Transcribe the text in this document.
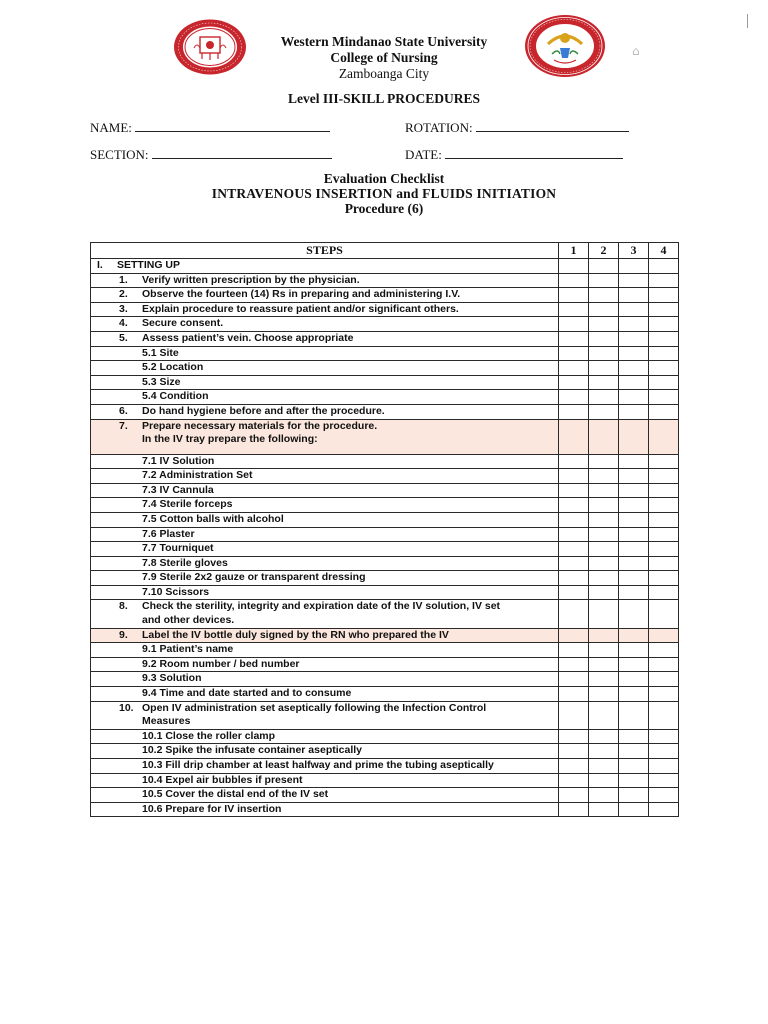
⌂
Western Mindanao State University
College of Nursing
Zamboanga City
Level III-SKILL PROCEDURES
NAME:	ROTATION:
SECTION:	DATE:
Evaluation Checklist
INTRAVENOUS INSERTION and FLUIDS INITIATION
Procedure (6)
STEPS	1	2	3	4
I. SETTING UP				
1. Verify written prescription by the physician.				
2. Observe the fourteen (14) Rs in preparing and administering I.V.				
3. Explain procedure to reassure patient and/or significant others.				
4. Secure consent.				
5. Assess patient’s vein. Choose appropriate				
5.1 Site				
5.2 Location				
5.3 Size				
5.4 Condition				
6. Do hand hygiene before and after the procedure.				
7. Prepare necessary materials for the procedure.
In the IV tray prepare the following:				

7.1 IV Solution				
7.2 Administration Set				
7.3 IV Cannula				
7.4 Sterile forceps				
7.5 Cotton balls with alcohol				
7.6 Plaster				
7.7 Tourniquet				
7.8 Sterile gloves				
7.9 Sterile 2x2 gauze or transparent dressing				
7.10 Scissors				
8. Check the sterility, integrity and expiration date of the IV solution, IV set
and other devices.				

9. Label the IV bottle duly signed by the RN who prepared the IV				
9.1 Patient’s name				
9.2 Room number / bed number				
9.3 Solution				
9.4 Time and date started and to consume				
10. Open IV administration set aseptically following the Infection Control
Measures				

10.1 Close the roller clamp				
10.2 Spike the infusate container aseptically				
10.3 Fill drip chamber at least halfway and prime the tubing aseptically				
10.4 Expel air bubbles if present				
10.5 Cover the distal end of the IV set				
10.6 Prepare for IV insertion				
